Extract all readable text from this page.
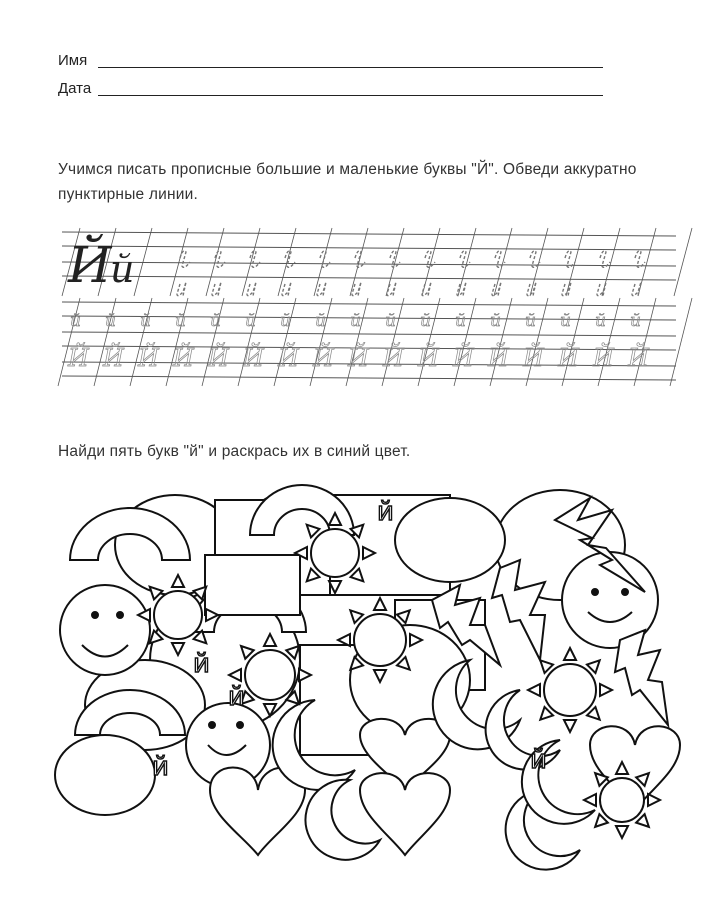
Имя
Дата
Учимся писать прописные большие и маленькие буквы "Й". Обведи аккуратно пунктирные линии.
Й
й
й й й й й й й й й й й й й й й й й
Й Й Й Й Й Й Й Й Й Й Й Й Й Й Й Й Й
Найди пять букв "й" и раскрась их в синий цвет.
й
й
й
й	й
